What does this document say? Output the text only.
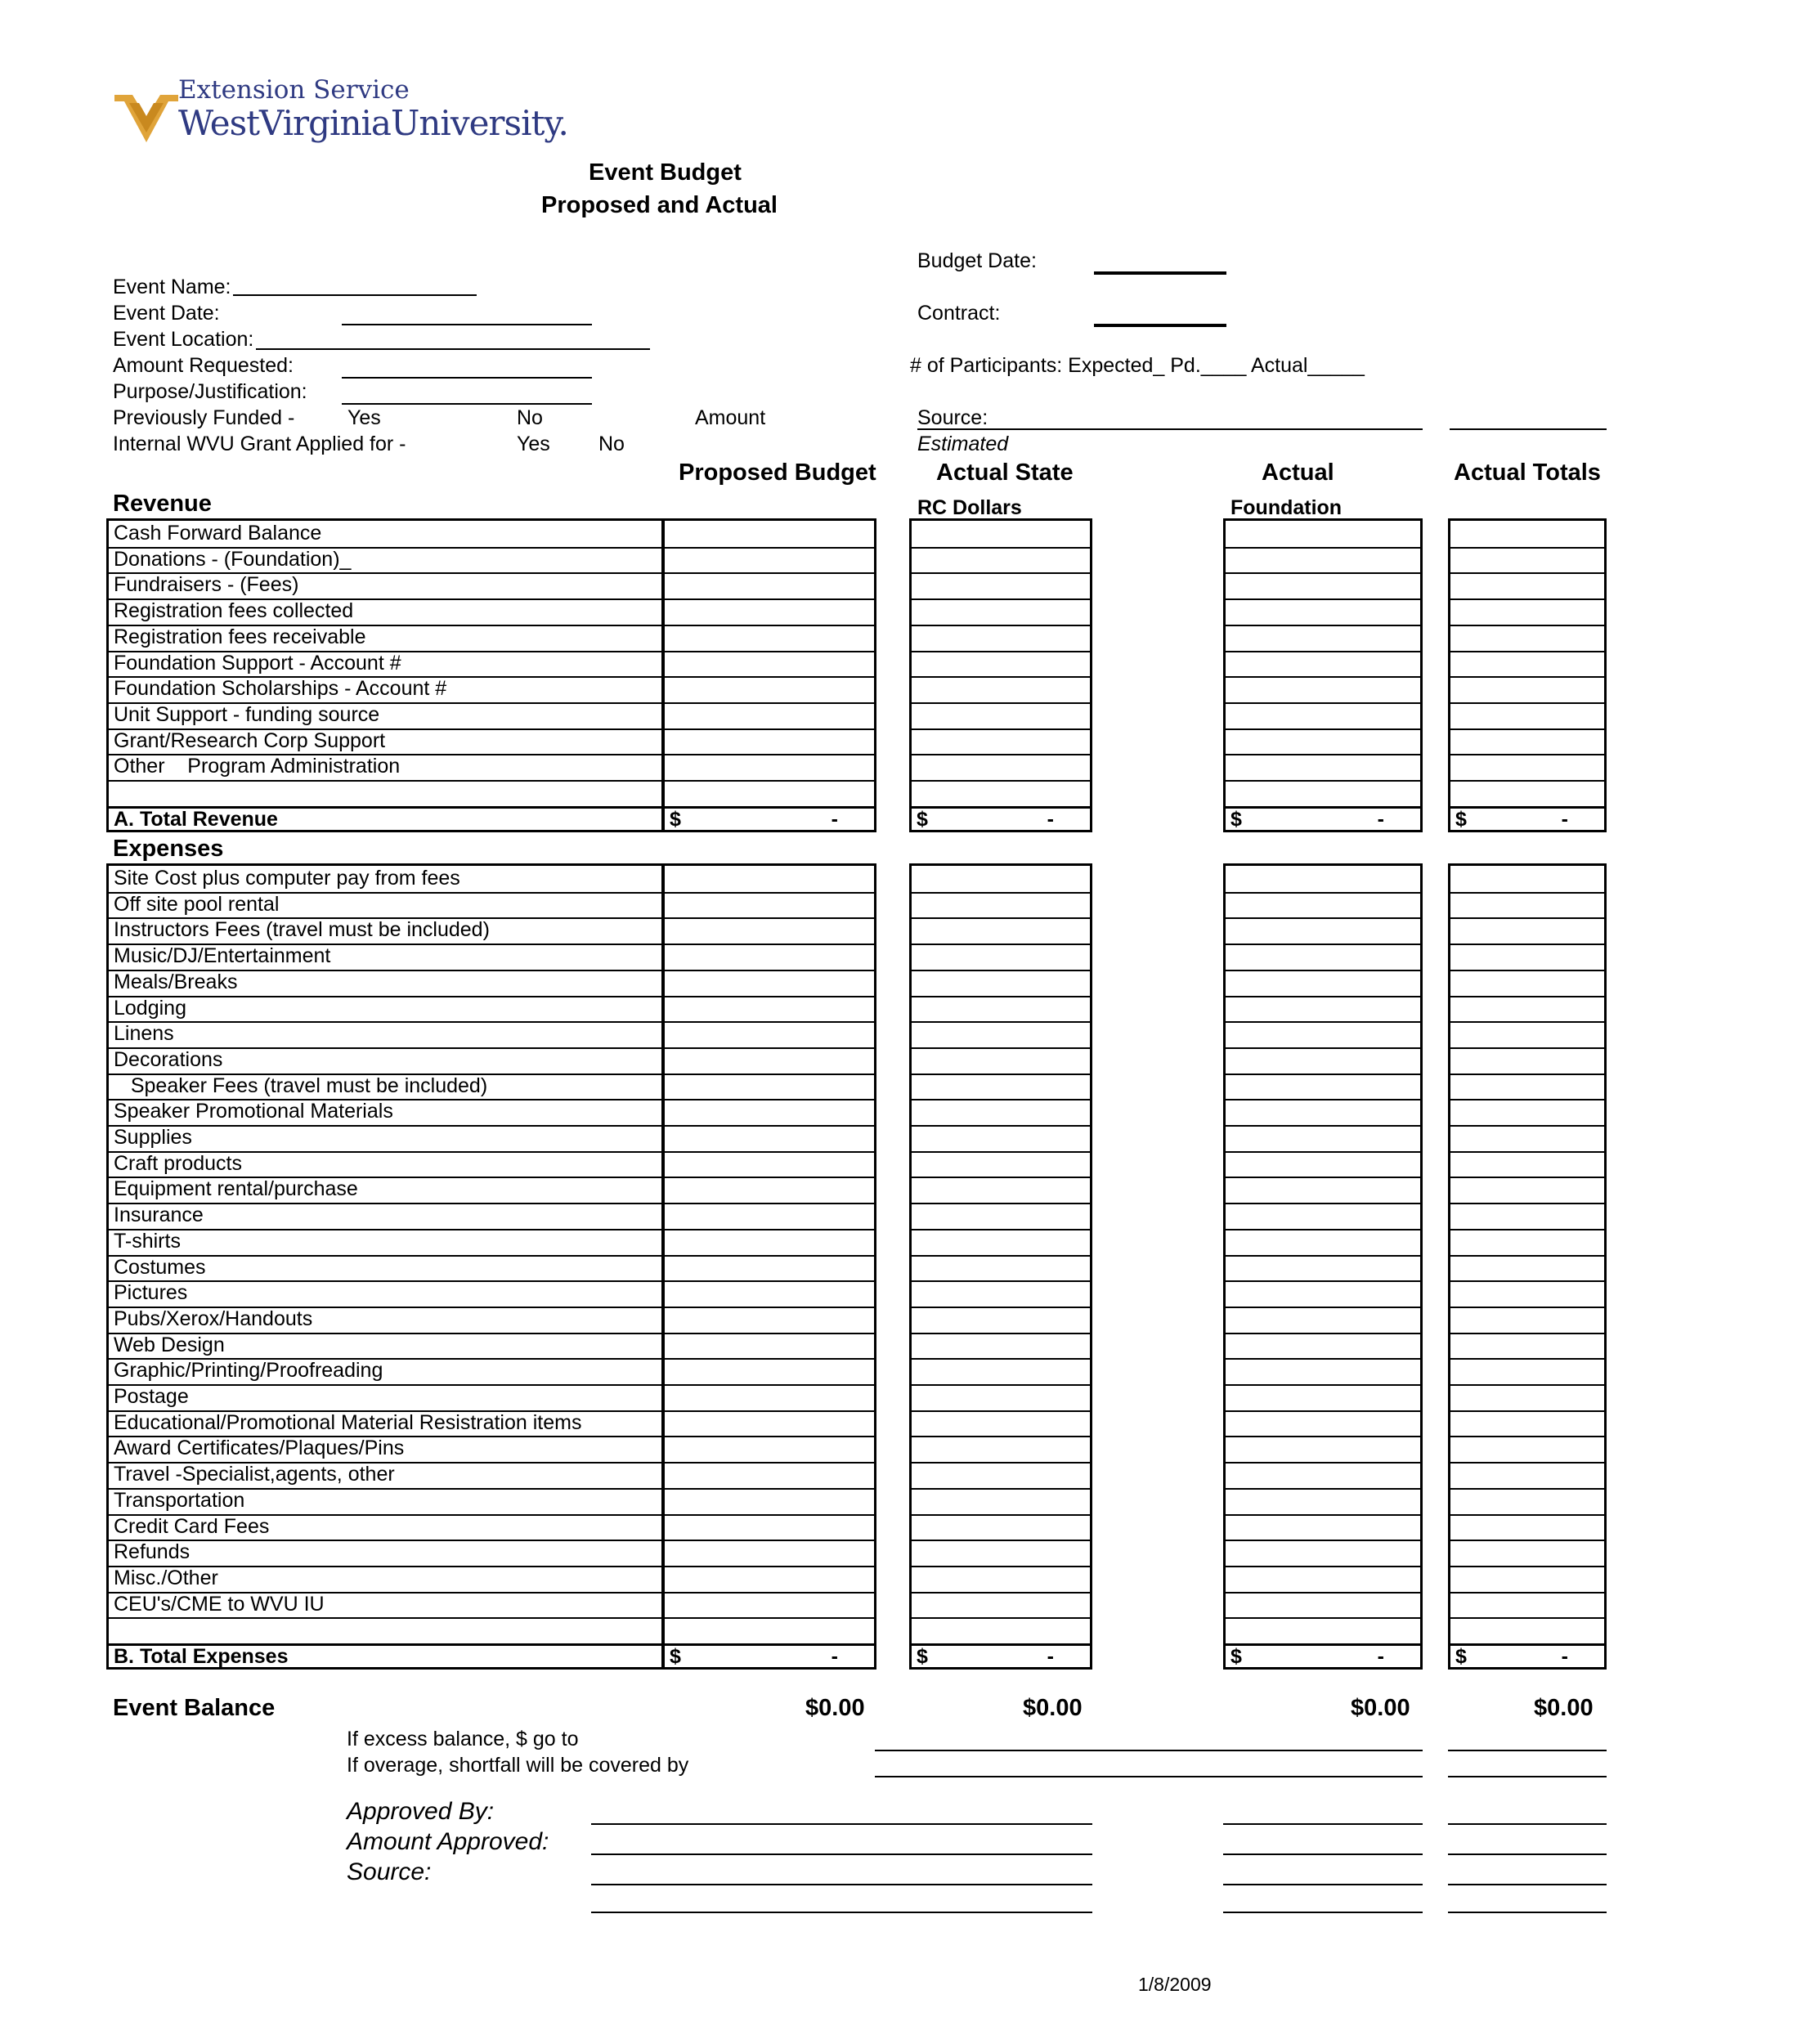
Extension Service
WestVirginiaUniversity.
Event Budget
Proposed and Actual
Event Name:
Event Date:
Event Location:
Amount Requested:
Purpose/Justification:
Previously Funded -	Yes	No	Amount
Internal WVU Grant Applied for -	Yes No
Budget Date:
Contract:
# of Participants: Expected_ Pd.____ Actual_____
Source:
Estimated
Proposed Budget	Actual State
RC Dollars
Actual
Foundation
Actual Totals
Revenue
Cash Forward Balance
Donations - (Foundation)_
Fundraisers - (Fees)
Registration fees collected
Registration fees receivable
Foundation Support - Account #
Foundation Scholarships - Account #
Unit Support - funding source
Grant/Research Corp Support
Other    Program Administration
A. Total Revenue	$	-	$	-	$	-	$	-
Expenses
Site Cost plus computer pay from fees
Off site pool rental
Instructors Fees (travel must be included)
Music/DJ/Entertainment
Meals/Breaks
Lodging
Linens
Decorations
Speaker Fees (travel must be included)
Speaker Promotional Materials
Supplies
Craft products
Equipment rental/purchase
Insurance
T-shirts
Costumes
Pictures
Pubs/Xerox/Handouts
Web Design
Graphic/Printing/Proofreading
Postage
Educational/Promotional Material Resistration items
Award Certificates/Plaques/Pins
Travel -Specialist,agents, other
Transportation
Credit Card Fees
Refunds
Misc./Other
CEU's/CME to WVU IU
B. Total Expenses	$	-	$	-	$	-	$	-
Event Balance	$0.00	$0.00	$0.00	$0.00
If excess balance, $ go to
If overage, shortfall will be covered by
Approved By:
Amount Approved:
Source:
1/8/2009
